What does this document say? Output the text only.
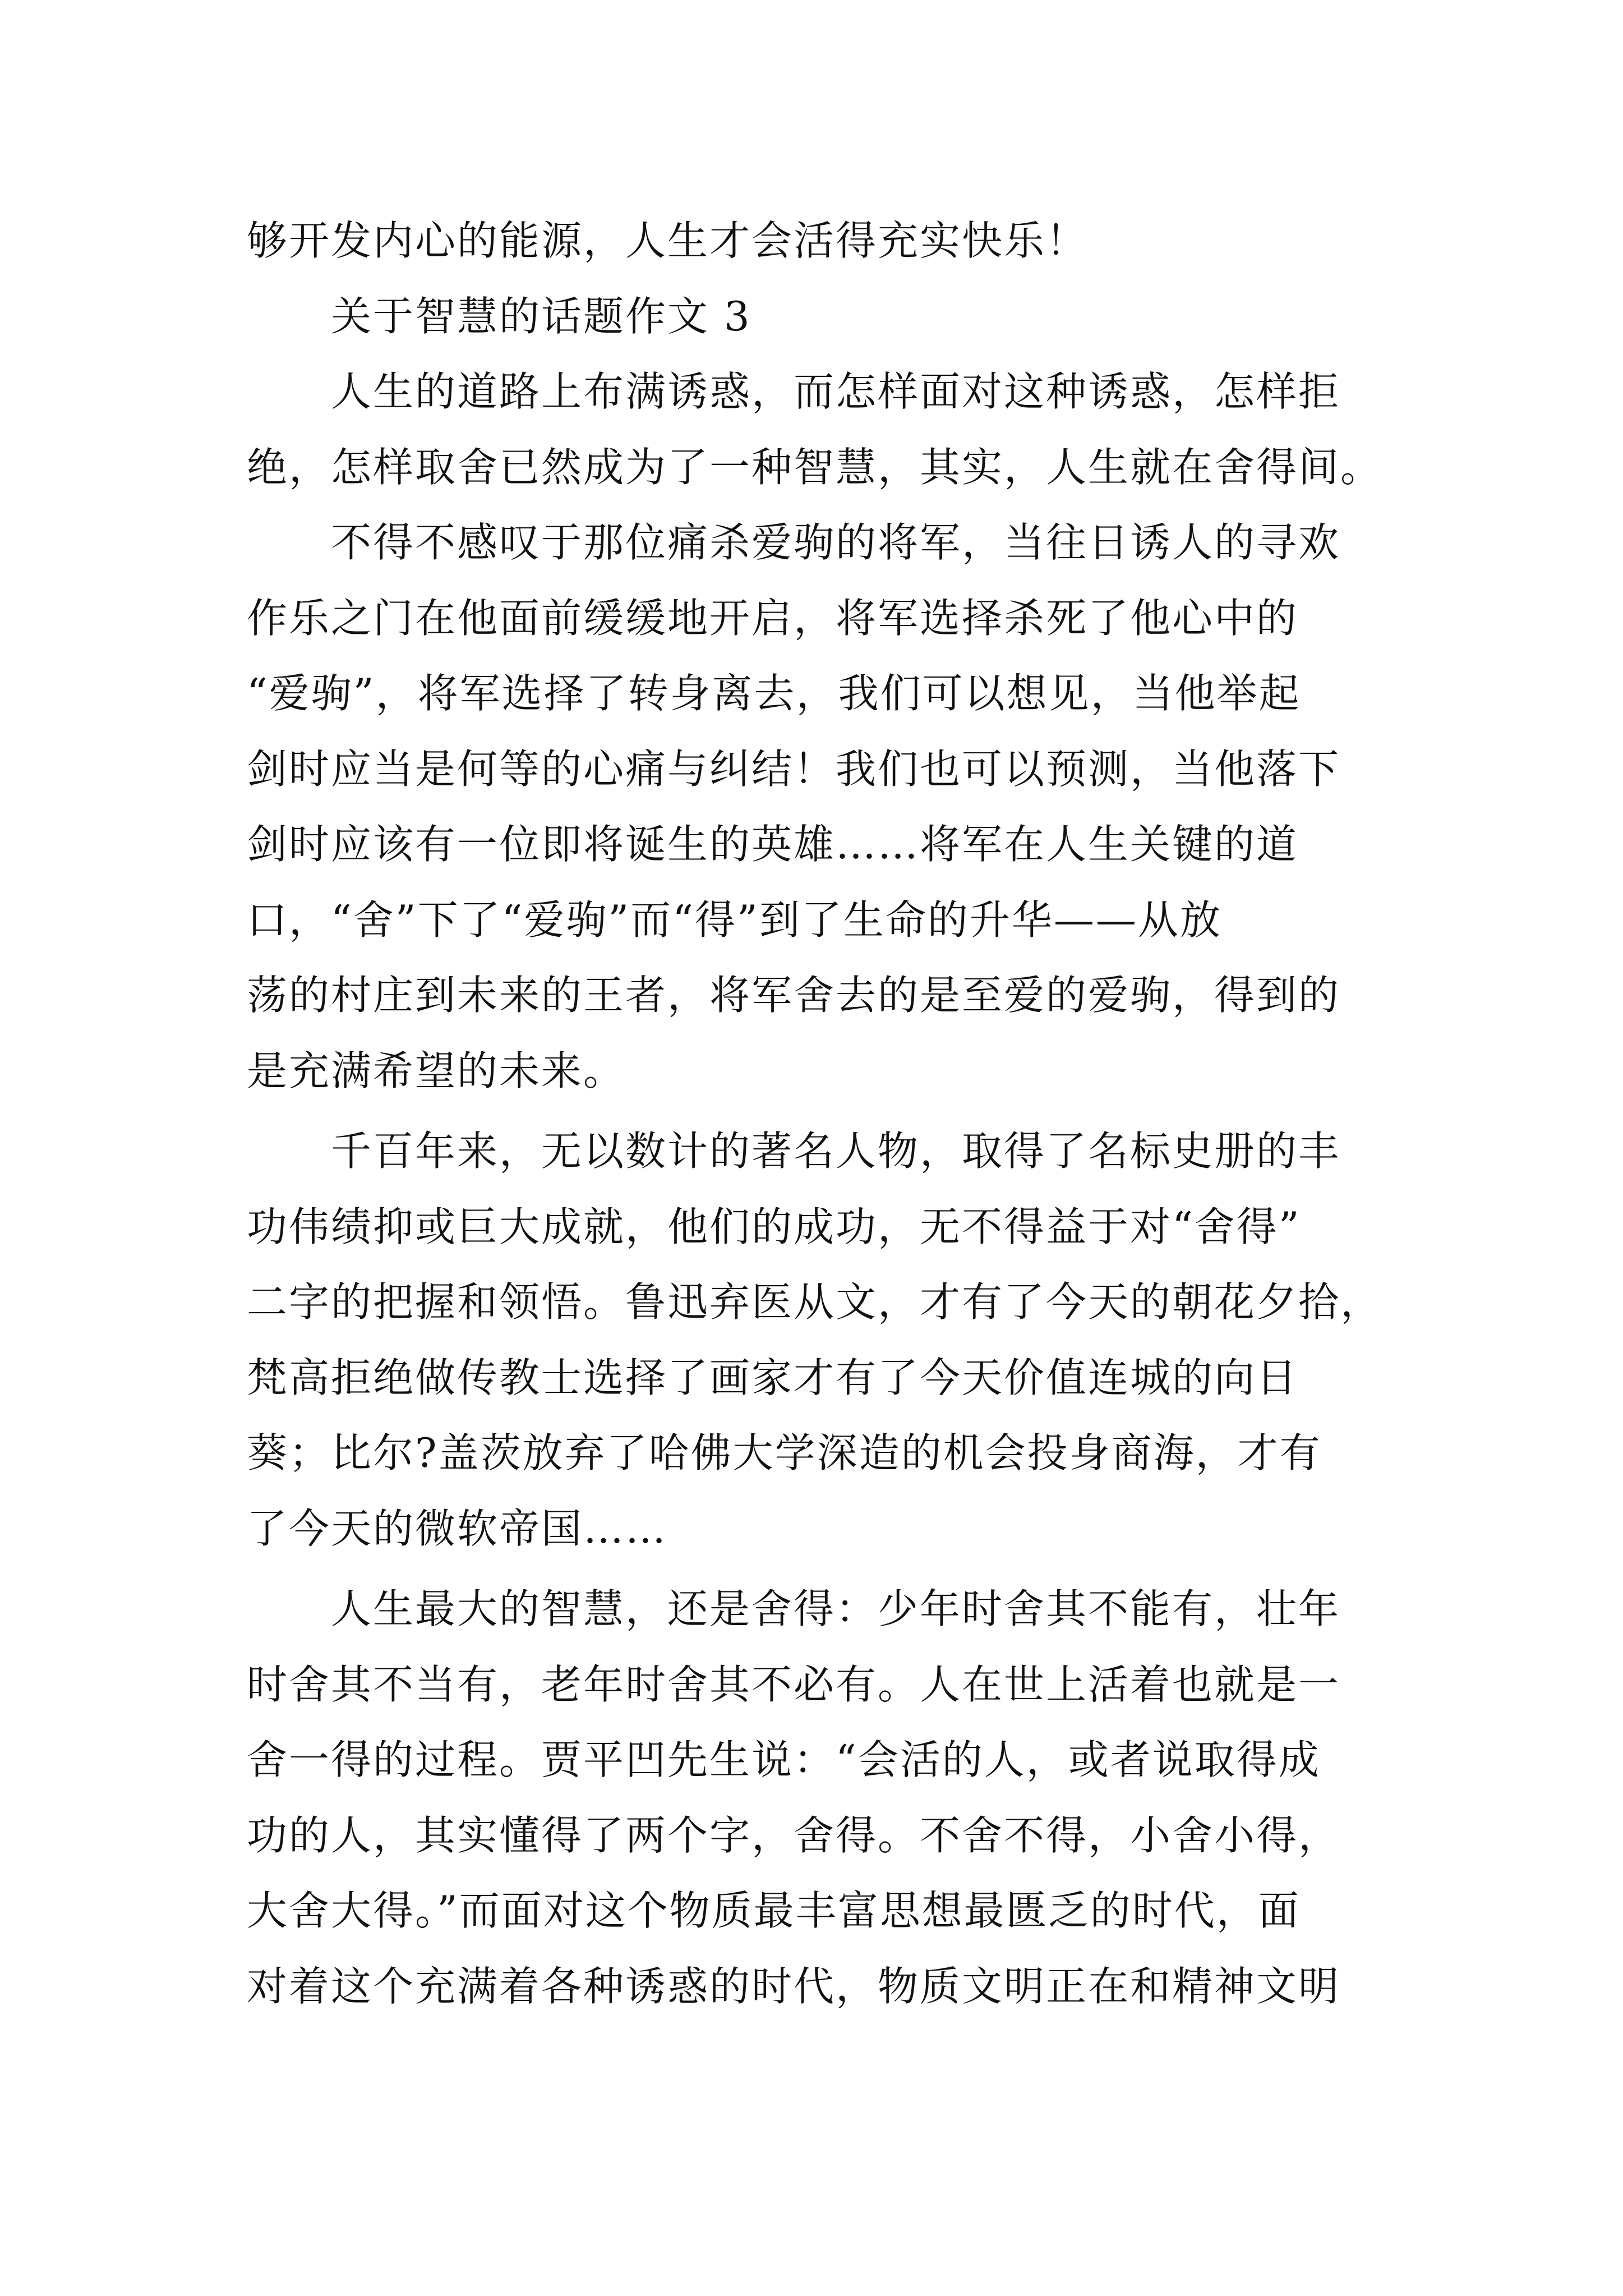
够开发内心的能源，人生才会活得充实快乐！
关于智慧的话题作文 3
人生的道路上布满诱惑，而怎样面对这种诱惑，怎样拒
绝，怎样取舍已然成为了一种智慧，其实，人生就在舍得间。
不得不感叹于那位痛杀爱驹的将军，当往日诱人的寻欢
作乐之门在他面前缓缓地开启，将军选择杀死了他心中的
“爱驹”，将军选择了转身离去，我们可以想见，当他举起
剑时应当是何等的心痛与纠结！我们也可以预测，当他落下
剑时应该有一位即将诞生的英雄……将军在人生关键的道
口，“舍”下了“爱驹”而“得”到了生命的升华——从放
荡的村庄到未来的王者，将军舍去的是至爱的爱驹，得到的
是充满希望的未来。
千百年来，无以数计的著名人物，取得了名标史册的丰
功伟绩抑或巨大成就，他们的成功，无不得益于对“舍得”
二字的把握和领悟。鲁迅弃医从文，才有了今天的朝花夕拾，
梵高拒绝做传教士选择了画家才有了今天价值连城的向日
葵；比尔?盖茨放弃了哈佛大学深造的机会投身商海，才有
了今天的微软帝国……
人生最大的智慧，还是舍得：少年时舍其不能有，壮年
时舍其不当有，老年时舍其不必有。人在世上活着也就是一
舍一得的过程。贾平凹先生说：“会活的人，或者说取得成
功的人，其实懂得了两个字，舍得。不舍不得，小舍小得，
大舍大得。”而面对这个物质最丰富思想最匮乏的时代，面
对着这个充满着各种诱惑的时代，物质文明正在和精神文明
